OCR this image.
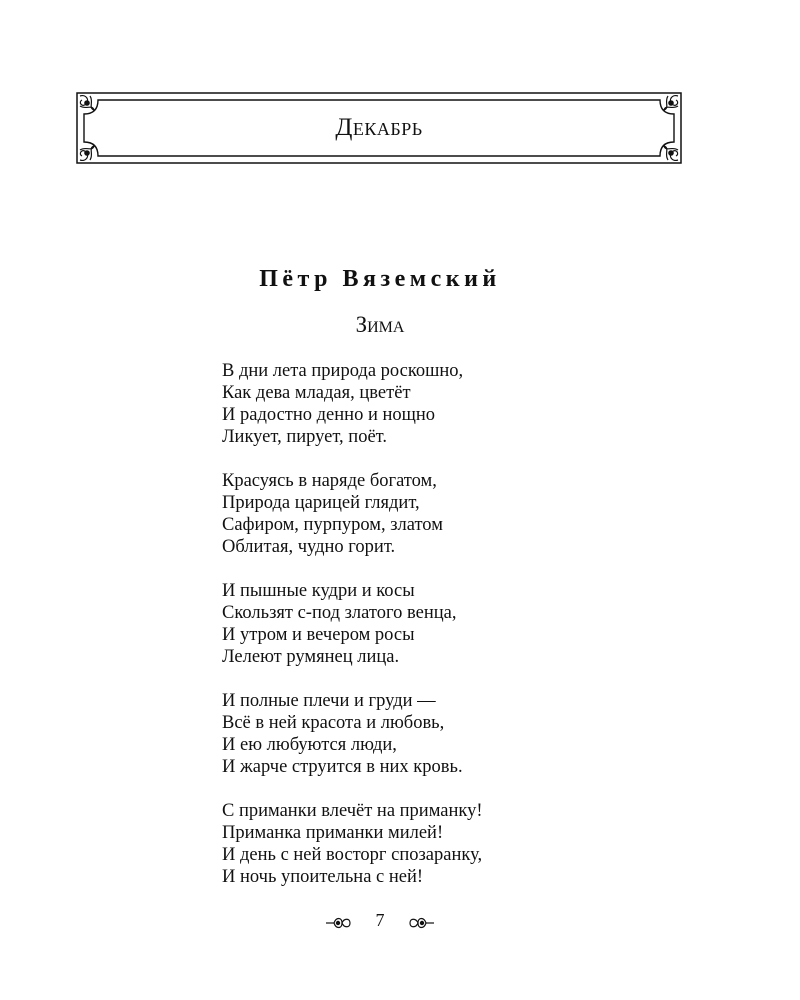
Декабрь
Пётр Вяземский
Зима
В дни лета природа роскошно,
Как дева младая, цветёт
И радостно денно и нощно
Ликует, пирует, поёт.
Красуясь в наряде богатом,
Природа царицей глядит,
Сафиром, пурпуром, златом
Облитая, чудно горит.
И пышные кудри и косы
Скользят с-под златого венца,
И утром и вечером росы
Лелеют румянец лица.
И полные плечи и груди —
Всё в ней красота и любовь,
И ею любуются люди,
И жарче струится в них кровь.
С приманки влечёт на приманку!
Приманка приманки милей!
И день с ней восторг спозаранку,
И ночь упоительна с ней!
7
